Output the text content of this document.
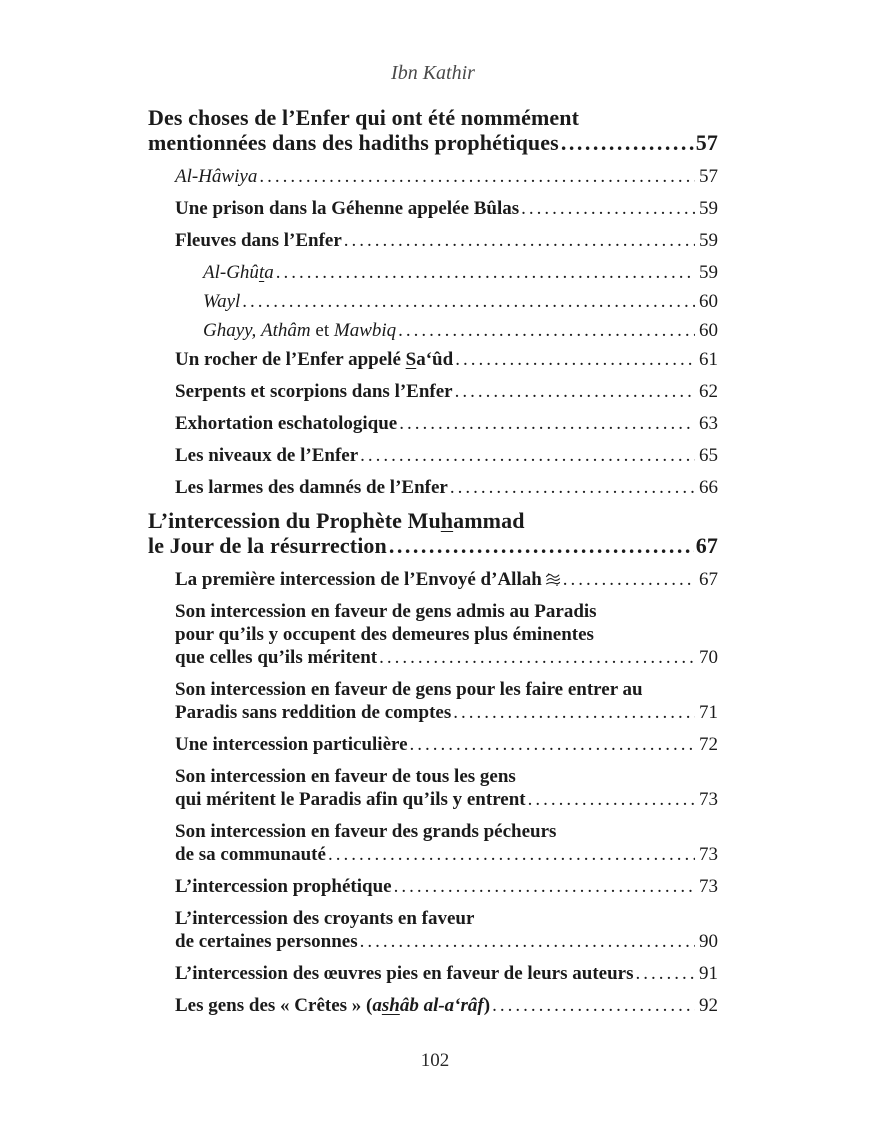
Ibn Kathir
Des choses de l’Enfer qui ont été nommément
mentionnées dans des hadiths prophétiques .....	57
Al-Hâwiya .....	57
Une prison dans la Géhenne appelée Bûlas .....	59
Fleuves dans l’Enfer .....	59
Al-Ghûta .....	59
Wayl .....	60
Ghayy, Athâm et Mawbiq .....	60
Un rocher de l’Enfer appelé Sa‘ûd .....	61
Serpents et scorpions dans l’Enfer .....	62
Exhortation eschatologique .....	63
Les niveaux de l’Enfer .....	65
Les larmes des damnés de l’Enfer .....	66
L’intercession du Prophète Muhammad
le Jour de la résurrection .....	67
La première intercession de l’Envoyé d’Allah .....	67
Son intercession en faveur de gens admis au Paradis
pour qu’ils y occupent des demeures plus éminentes
que celles qu’ils méritent .....	70
Son intercession en faveur de gens pour les faire entrer au
Paradis sans reddition de comptes .....	71
Une intercession particulière .....	72
Son intercession en faveur de tous les gens
qui méritent le Paradis afin qu’ils y entrent .....	73
Son intercession en faveur des grands pécheurs
de sa communauté .....	73
L’intercession prophétique .....	73
L’intercession des croyants en faveur
de certaines personnes .....	90
L’intercession des œuvres pies en faveur de leurs auteurs .....	91
Les gens des « Crêtes » (ashâb al-a‘râf) .....	92
102
